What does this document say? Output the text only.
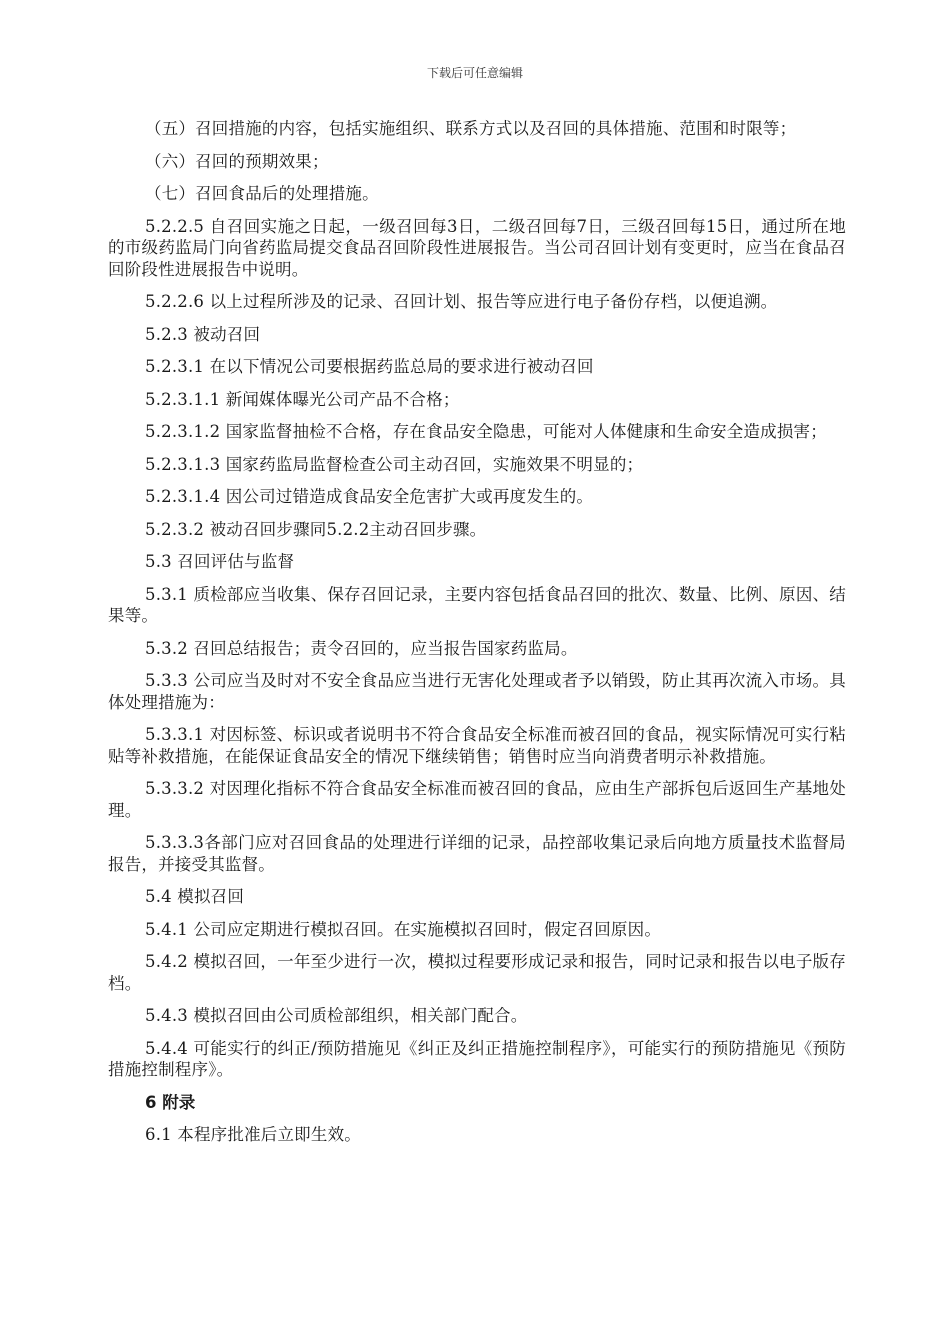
下载后可任意编辑

（五）召回措施的内容，包括实施组织、联系方式以及召回的具体措施、范围和时限等；

（六）召回的预期效果；

（七）召回食品后的处理措施。

5.2.2.5 自召回实施之日起，一级召回每3日，二级召回每7日，三级召回每15日，通过所在地的市级药监局门向省药监局提交食品召回阶段性进展报告。当公司召回计划有变更时，应当在食品召回阶段性进展报告中说明。

5.2.2.6 以上过程所涉及的记录、召回计划、报告等应进行电子备份存档，以便追溯。

5.2.3 被动召回

5.2.3.1 在以下情况公司要根据药监总局的要求进行被动召回

5.2.3.1.1 新闻媒体曝光公司产品不合格；

5.2.3.1.2 国家监督抽检不合格，存在食品安全隐患，可能对人体健康和生命安全造成损害；

5.2.3.1.3 国家药监局监督检查公司主动召回，实施效果不明显的；

5.2.3.1.4 因公司过错造成食品安全危害扩大或再度发生的。

5.2.3.2 被动召回步骤同5.2.2主动召回步骤。

5.3 召回评估与监督

5.3.1 质检部应当收集、保存召回记录，主要内容包括食品召回的批次、数量、比例、原因、结果等。

5.3.2 召回总结报告；责令召回的，应当报告国家药监局。

5.3.3 公司应当及时对不安全食品应当进行无害化处理或者予以销毁，防止其再次流入市场。具体处理措施为：

5.3.3.1 对因标签、标识或者说明书不符合食品安全标准而被召回的食品，视实际情况可实行粘贴等补救措施，在能保证食品安全的情况下继续销售；销售时应当向消费者明示补救措施。

5.3.3.2 对因理化指标不符合食品安全标准而被召回的食品，应由生产部拆包后返回生产基地处理。

5.3.3.3各部门应对召回食品的处理进行详细的记录，品控部收集记录后向地方质量技术监督局报告，并接受其监督。

5.4 模拟召回

5.4.1 公司应定期进行模拟召回。在实施模拟召回时，假定召回原因。

5.4.2 模拟召回，一年至少进行一次，模拟过程要形成记录和报告，同时记录和报告以电子版存档。

5.4.3 模拟召回由公司质检部组织，相关部门配合。

5.4.4 可能实行的纠正/预防措施见《纠正及纠正措施控制程序》，可能实行的预防措施见《预防措施控制程序》。

6 附录

6.1 本程序批准后立即生效。
